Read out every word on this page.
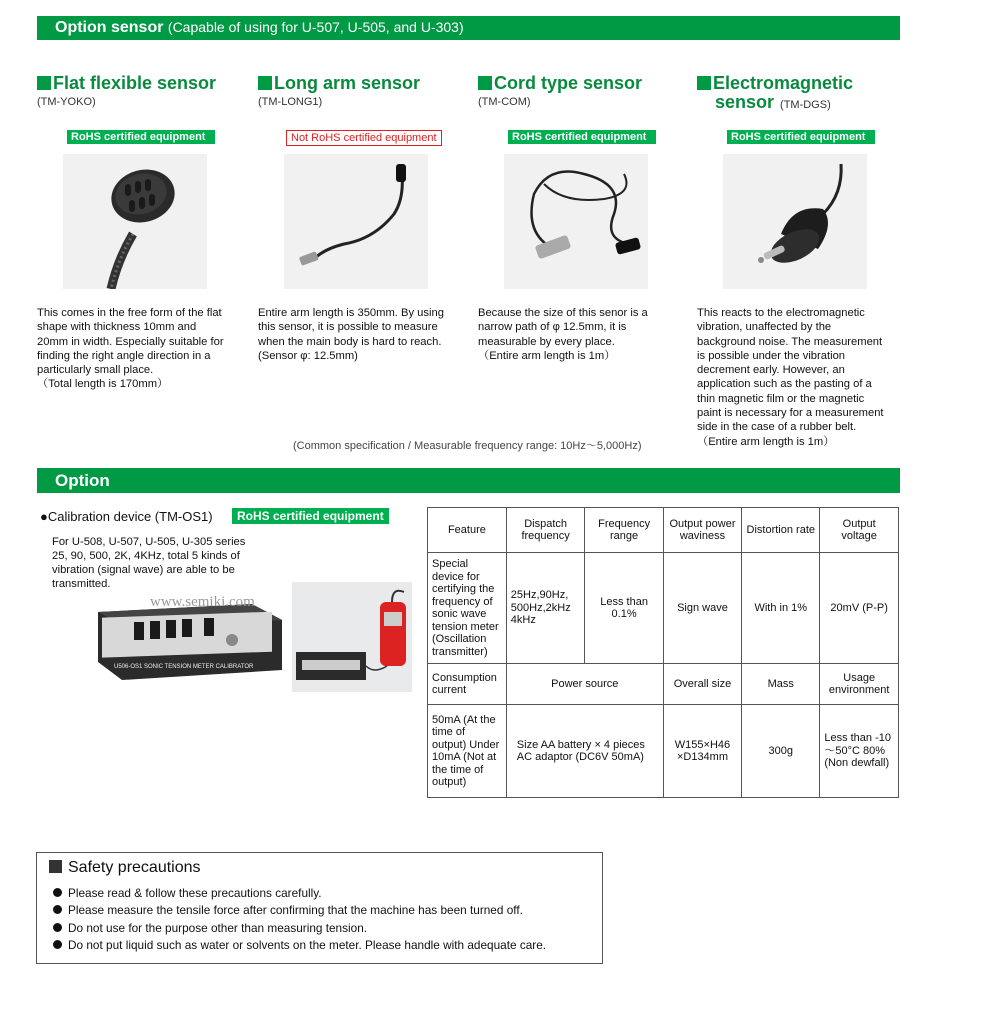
Option sensor (Capable of using for U-507, U-505, and U-303)
Flat flexible sensor
(TM-YOKO)
RoHS certified equipment
This comes in the free form of the flat
shape with thickness 10mm and
20mm in width. Especially suitable for
finding the right angle direction in a
particularly small place.
（Total length is 170mm）
Long arm sensor
(TM-LONG1)
Not RoHS certified equipment
Entire arm length is 350mm. By using
this sensor, it is possible to measure
when the main body is hard to reach.
(Sensor φ: 12.5mm)
Cord type sensor
(TM-COM)
RoHS certified equipment
Because the size of this senor is a
narrow path of φ 12.5mm, it is
measurable by every place.
（Entire arm length is 1m）
Electromagnetic
sensor (TM-DGS)
RoHS certified equipment
This reacts to the electromagnetic
vibration, unaffected by the
background noise. The measurement
is possible under the vibration
decrement early. However, an
application such as the pasting of a
thin magnetic film or the magnetic
paint is necessary for a measurement
side in the case of a rubber belt.
（Entire arm length is 1m）
(Common specification / Measurable frequency range: 10Hz～5,000Hz)
Option
●Calibration device (TM-OS1)	RoHS certified equipment
For U-508, U-507, U-505, U-305 series
25, 90, 500, 2K, 4KHz, total 5 kinds of
vibration (signal wave) are able to be
transmitted.
U506-OS1 SONIC TENSION METER CALIBRATOR
www.semiki.com
Feature	Dispatch frequency	Frequency range	Output power waviness	Distortion rate	Output voltage
Special device for certifying the frequency of sonic wave tension meter (Oscillation transmitter)	25Hz,90Hz, 500Hz,2kHz 4kHz	Less than 0.1%	Sign wave	With in 1%	20mV (P-P)
Consumption current	Power source		Overall size	Mass	Usage environment
50mA (At the time of output) Under 10mA (Not at the time of output)	Size AA battery × 4 pieces AC adaptor (DC6V 50mA)		W155×H46 ×D134mm	300g	Less than -10～50°C 80% (Non dewfall)
Safety precautions
Please read & follow these precautions carefully.
Please measure the tensile force after confirming that the machine has been turned off.
Do not use for the purpose other than measuring tension.
Do not put liquid such as water or solvents on the meter. Please handle with adequate care.
